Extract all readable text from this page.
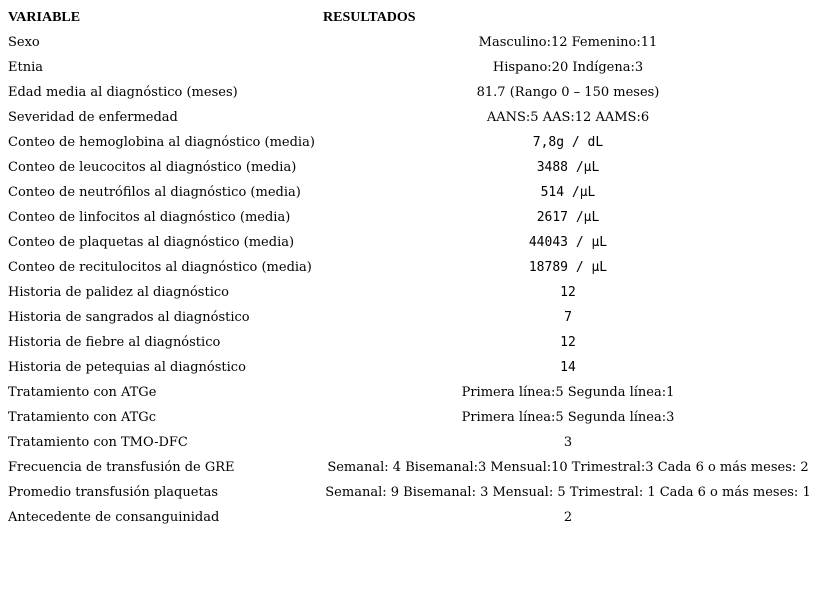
VARIABLE	RESULTADOS
Sexo	Masculino:12 Femenino:11
Etnia	Hispano:20 Indígena:3
Edad media al diagnóstico (meses)	81.7 (Rango 0 – 150 meses)
Severidad de enfermedad	AANS:5 AAS:12 AAMS:6
Conteo de hemoglobina al diagnóstico (media)	7,8g / dL
Conteo de leucocitos al diagnóstico (media)	3488 /µL
Conteo de neutrófilos al diagnóstico (media)	514 /µL
Conteo de linfocitos al diagnóstico (media)	2617 /µL
Conteo de plaquetas al diagnóstico (media)	44043 / µL
Conteo de recitulocitos al diagnóstico (media)	18789 / µL
Historia de palidez al diagnóstico	12
Historia de sangrados al diagnóstico	7
Historia de fiebre al diagnóstico	12
Historia de petequias al diagnóstico	14
Tratamiento con ATGe	Primera línea:5 Segunda línea:1
Tratamiento con ATGc	Primera línea:5 Segunda línea:3
Tratamiento con TMO-DFC	3
Frecuencia de transfusión de GRE	Semanal: 4 Bisemanal:3 Mensual:10 Trimestral:3 Cada 6 o más meses: 2
Promedio transfusión plaquetas	Semanal: 9 Bisemanal: 3 Mensual: 5 Trimestral: 1 Cada 6 o más meses: 1
Antecedente de consanguinidad	2
